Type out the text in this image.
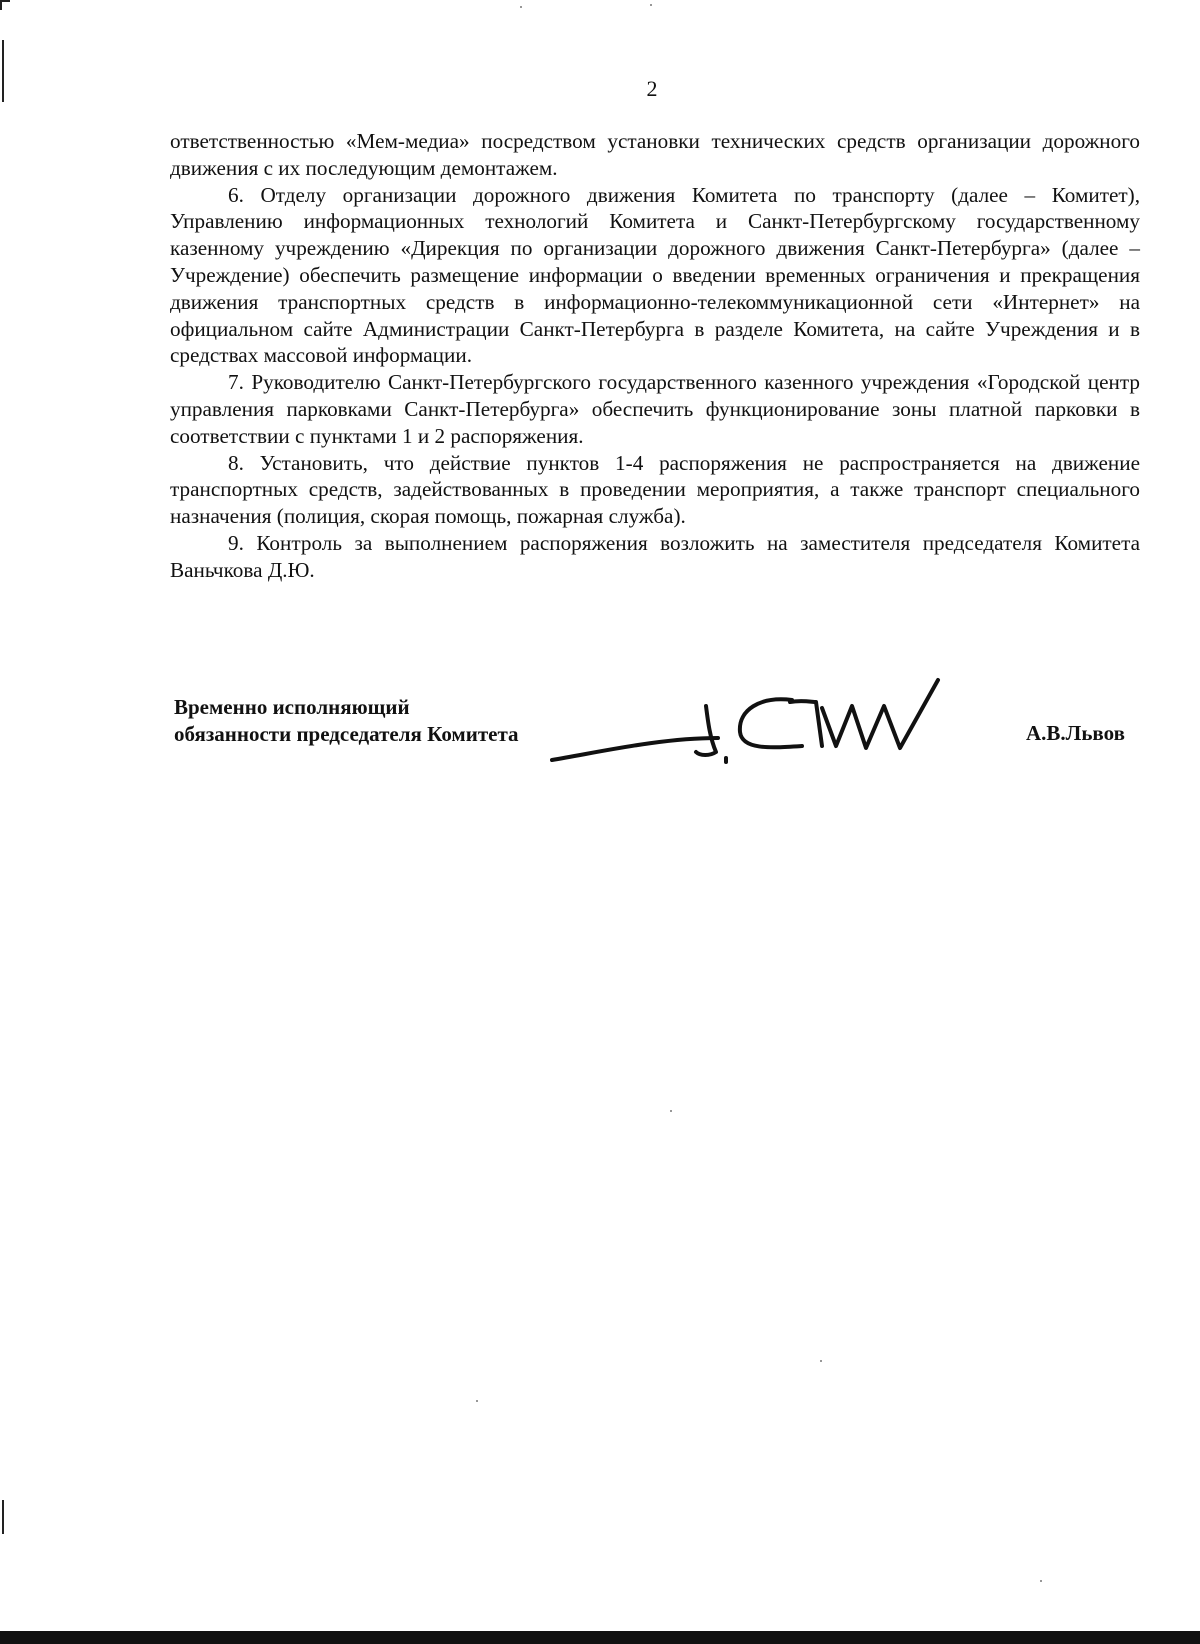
2

ответственностью «Мем-медиа» посредством установки технических средств организации дорожного движения с их последующим демонтажем.

6. Отделу организации дорожного движения Комитета по транспорту (далее – Комитет), Управлению информационных технологий Комитета и Санкт-Петербургскому государственному казенному учреждению «Дирекция по организации дорожного движения Санкт-Петербурга» (далее – Учреждение) обеспечить размещение информации о введении временных ограничения и прекращения движения транспортных средств в информационно-телекоммуникационной сети «Интернет» на официальном сайте Администрации Санкт-Петербурга в разделе Комитета, на сайте Учреждения и в средствах массовой информации.

7. Руководителю Санкт-Петербургского государственного казенного учреждения «Городской центр управления парковками Санкт-Петербурга» обеспечить функционирование зоны платной парковки в соответствии с пунктами 1 и 2 распоряжения.

8. Установить, что действие пунктов 1-4 распоряжения не распространяется на движение транспортных средств, задействованных в проведении мероприятия, а также транспорт специального назначения (полиция, скорая помощь, пожарная служба).

9. Контроль за выполнением распоряжения возложить на заместителя председателя Комитета Ваньчкова Д.Ю.

Временно исполняющий
обязанности председателя Комитета	А.В.Львов
